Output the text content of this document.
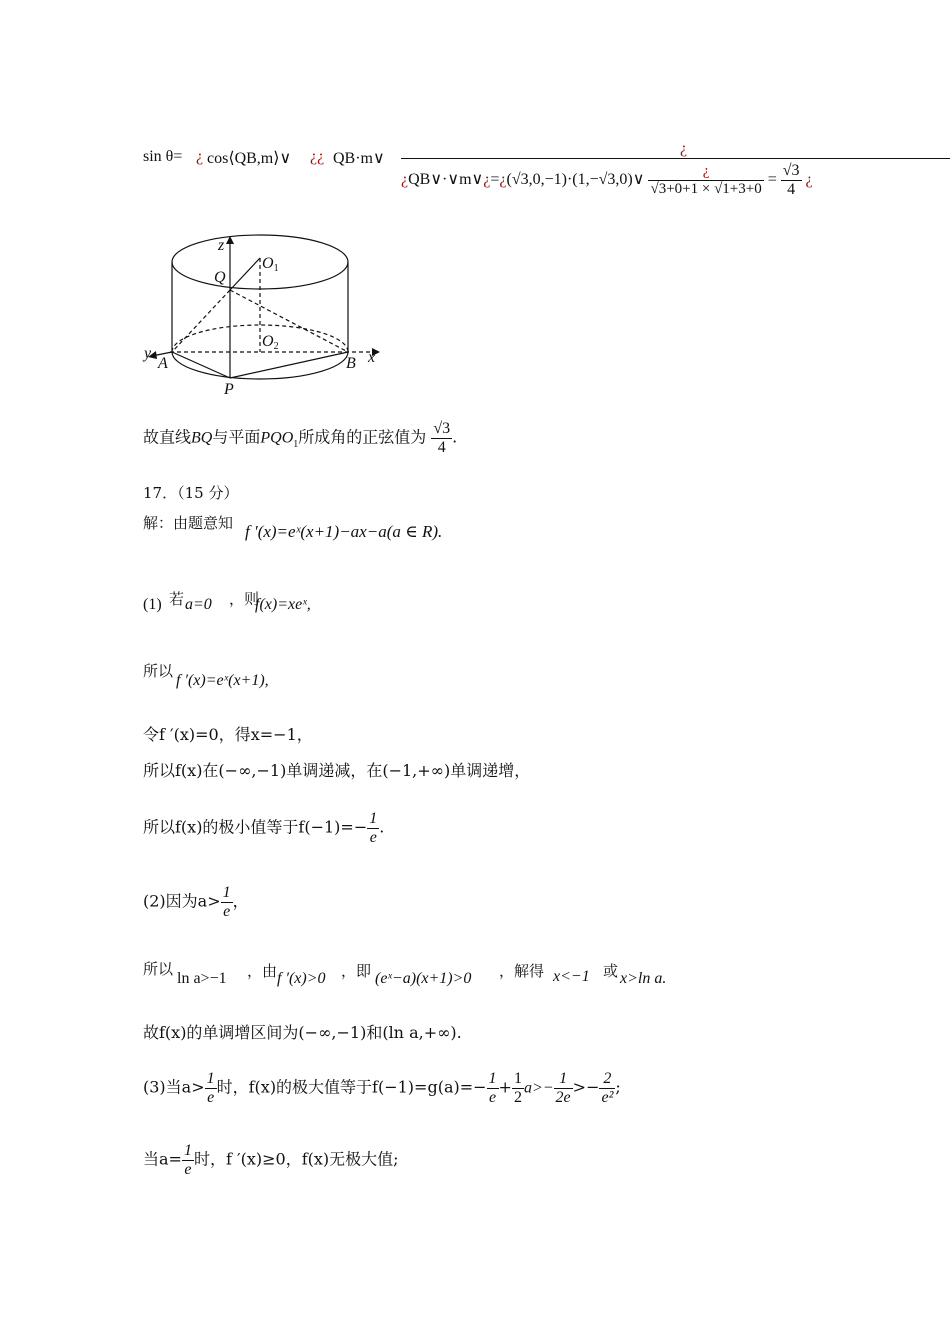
sin θ= ¿ cos⟨QB,m⟩∨ ¿¿ QB·m∨
¿
¿QB∨·∨m∨¿=¿(√3,0,−1)·(1,−√3,0)∨ $\frac{¿}{√3+0+1 \times √1+3+0} = \frac{√3}{4}$ ¿
z
Q
O1
O2
y
A	B x
P
故直线BQ与平面$PQO_1$所成角的正弦值为 $\frac{√3}{4}$ .
17．（15 分）
解：由题意知 f ′(x)=eˣ(x+1)−ax−a(a ∈ R).
(1) 若 a=0 ，则
f(x)=xeˣ,
所以
f ′(x)=eˣ(x+1),
令f ′(x)=0，得x=−1，
所以f(x)在(−∞,−1)单调递减，在(−1,+∞)单调递增，
所以f(x)的极小值等于$f(-1)=- \frac{1}{e}$ .
(2)因为$a> \frac{1}{e}$ ，
所以
ln a>−1 ，由 f ′(x)>0 ，即 (eˣ−a)(x+1)>0 ，解得 x<−1 或 x>ln a.
故f(x)的单调增区间为(−∞,−1)和(ln a,+∞).
(3)当$a> \frac{1}{e}$ 时，f(x)的极大值等于$f(-1)=g(a)=- \frac{1}{e} + \frac{1}{2} a>- \frac{1}{2e} >- \frac{2}{\text{e²}}$ ;
当$a= \frac{1}{e}$ 时，f ′(x)≥0，f(x)无极大值;
